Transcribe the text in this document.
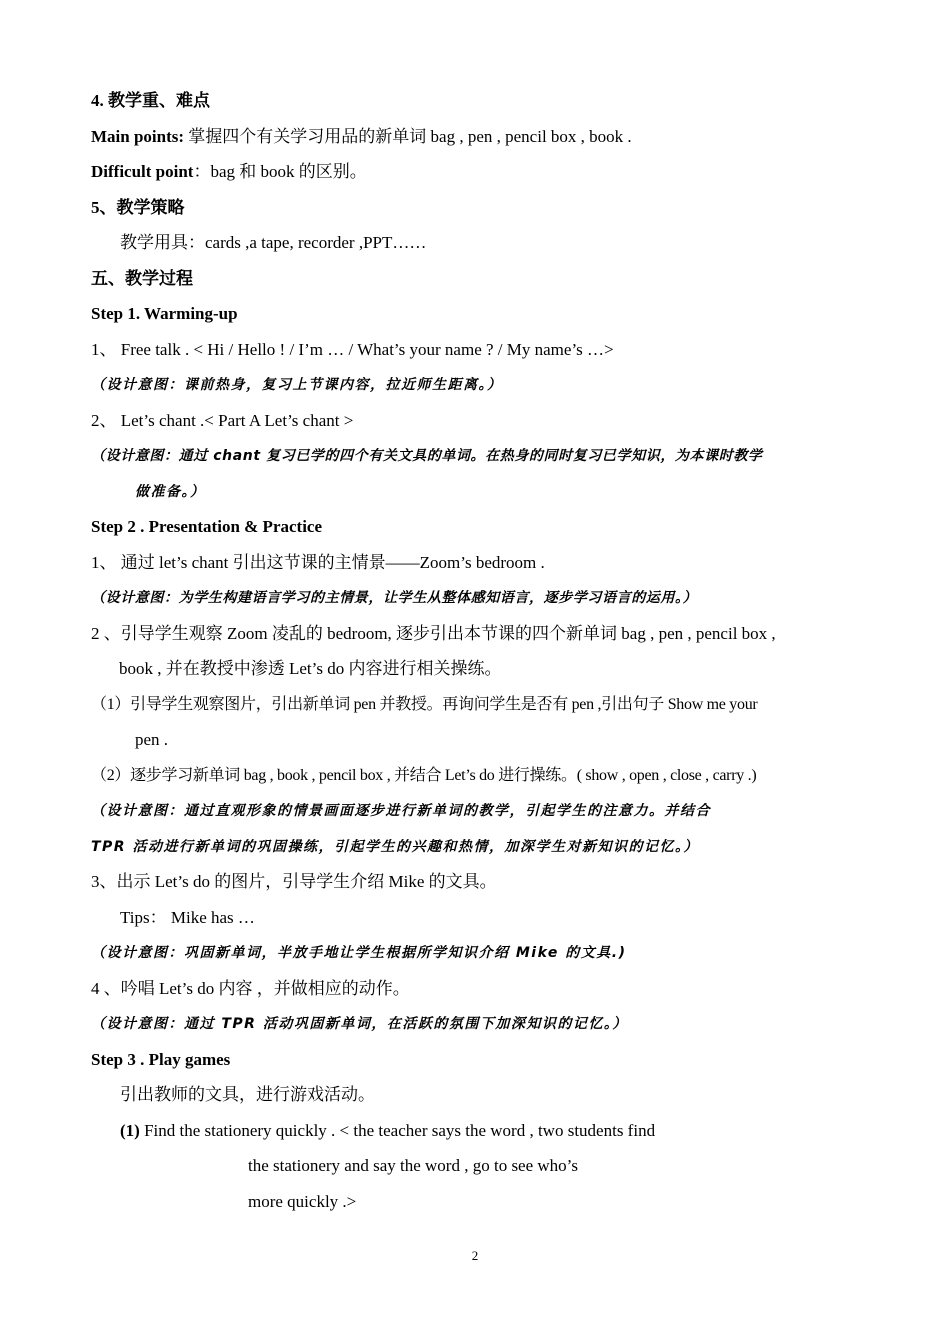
4. 教学重、难点
Main points: 掌握四个有关学习用品的新单词 bag , pen , pencil box , book .
Difficult point：bag 和 book 的区别。
5、教学策略
教学用具：cards ,a tape, recorder ,PPT……
五、教学过程
Step 1. Warming-up
1、 Free talk . < Hi / Hello ! / I’m … / What’s your name ? / My name’s …>
（设计意图：课前热身，复习上节课内容，拉近师生距离。）
2、 Let’s chant .< Part A Let’s chant >
（设计意图：通过 chant 复习已学的四个有关文具的单词。在热身的同时复习已学知识，为本课时教学
做准备。）
Step 2 . Presentation & Practice
1、 通过 let’s chant 引出这节课的主情景——Zoom’s bedroom .
（设计意图：为学生构建语言学习的主情景，让学生从整体感知语言，逐步学习语言的运用。）
2 、引导学生观察 Zoom 凌乱的 bedroom, 逐步引出本节课的四个新单词 bag , pen , pencil box ,
book , 并在教授中渗透 Let’s do 内容进行相关操练。
（1）引导学生观察图片，引出新单词 pen 并教授。再询问学生是否有 pen ,引出句子 Show me your
pen .
（2）逐步学习新单词 bag , book , pencil box , 并结合 Let’s do 进行操练。( show , open , close , carry .)
（设计意图：通过直观形象的情景画面逐步进行新单词的教学，引起学生的注意力。并结合
TPR 活动进行新单词的巩固操练，引起学生的兴趣和热情，加深学生对新知识的记忆。）
3、出示 Let’s do 的图片，引导学生介绍 Mike 的文具。
Tips： Mike has …
（设计意图：巩固新单词，半放手地让学生根据所学知识介绍 Mike 的文具.)
4 、吟唱 Let’s do 内容 ，并做相应的动作。
（设计意图：通过 TPR 活动巩固新单词，在活跃的氛围下加深知识的记忆。）
Step 3 . Play games
引出教师的文具，进行游戏活动。
(1) Find the stationery quickly . < the teacher says the word , two students find
the stationery and say the word , go to see who’s
more quickly .>
2
